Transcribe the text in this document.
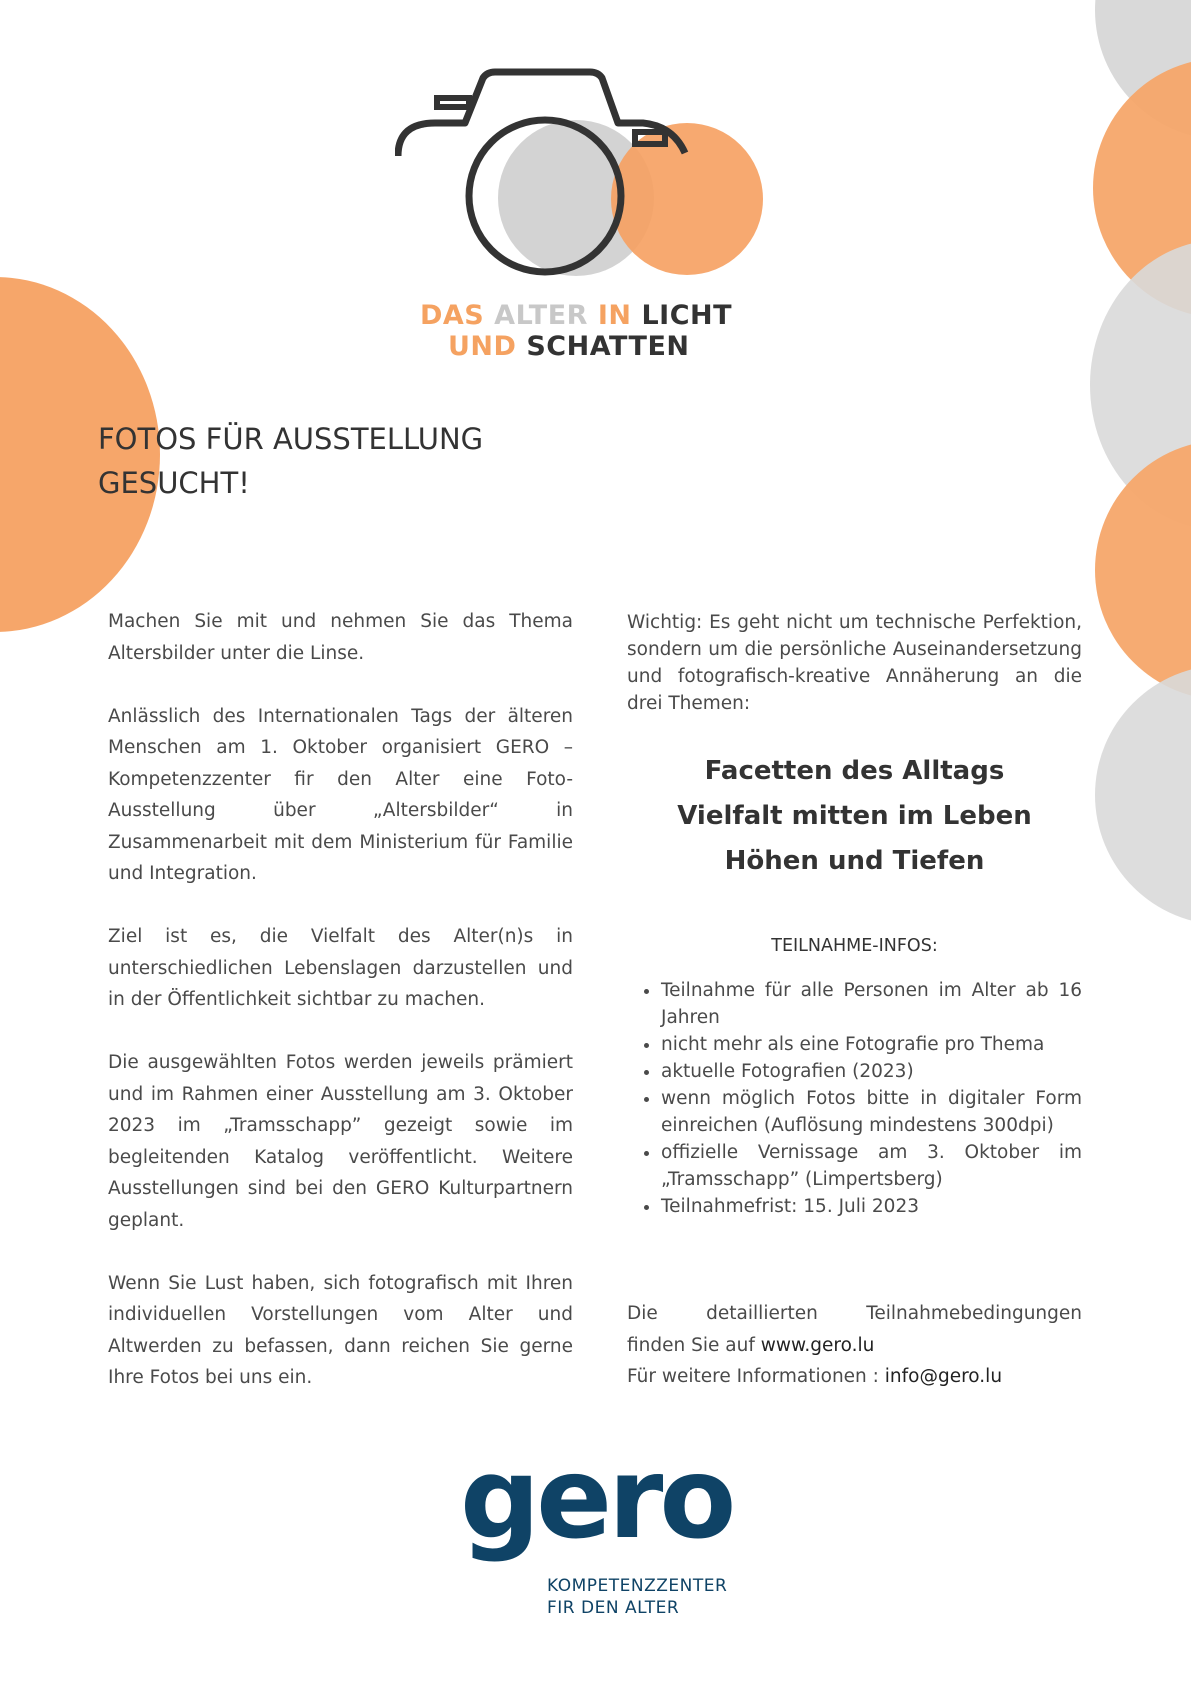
DAS ALTER IN LICHT
UND SCHATTEN
FOTOS FÜR AUSSTELLUNG
GESUCHT!

Machen Sie mit und nehmen Sie das Thema Altersbilder unter die Linse.

Anlässlich des Internationalen Tags der älteren Menschen am 1. Oktober organisiert GERO – Kompetenzzenter fir den Alter eine Foto-Ausstellung über „Altersbilder“ in Zusammenarbeit mit dem Ministerium für Familie und Integration.

Ziel ist es, die Vielfalt des Alter(n)s in unterschiedlichen Lebenslagen darzustellen und in der Öffentlichkeit sichtbar zu machen.

Die ausgewählten Fotos werden jeweils prämiert und im Rahmen einer Ausstellung am 3. Oktober 2023 im „Tramsschapp” gezeigt sowie im begleitenden Katalog veröffentlicht. Weitere Ausstellungen sind bei den GERO Kulturpartnern geplant.

Wenn Sie Lust haben, sich fotografisch mit Ihren individuellen Vorstellungen vom Alter und Altwerden zu befassen, dann reichen Sie gerne Ihre Fotos bei uns ein.

Wichtig: Es geht nicht um technische Perfektion, sondern um die persönliche Auseinandersetzung und fotografisch-kreative Annäherung an die drei Themen:

Facetten des Alltags
Vielfalt mitten im Leben
Höhen und Tiefen
TEILNAHME-INFOS:
• Teilnahme für alle Personen im Alter ab 16 Jahren
• nicht mehr als eine Fotografie pro Thema
• aktuelle Fotografien (2023)
• wenn möglich Fotos bitte in digitaler Form einreichen (Auflösung mindestens 300dpi)
• offizielle Vernissage am 3. Oktober im „Tramsschapp” (Limpertsberg)
• Teilnahmefrist: 15. Juli 2023
Die detaillierten Teilnahmebedingungen
finden Sie auf www.gero.lu
Für weitere Informationen : info@gero.lu
gero
KOMPETENZZENTER
FIR DEN ALTER
